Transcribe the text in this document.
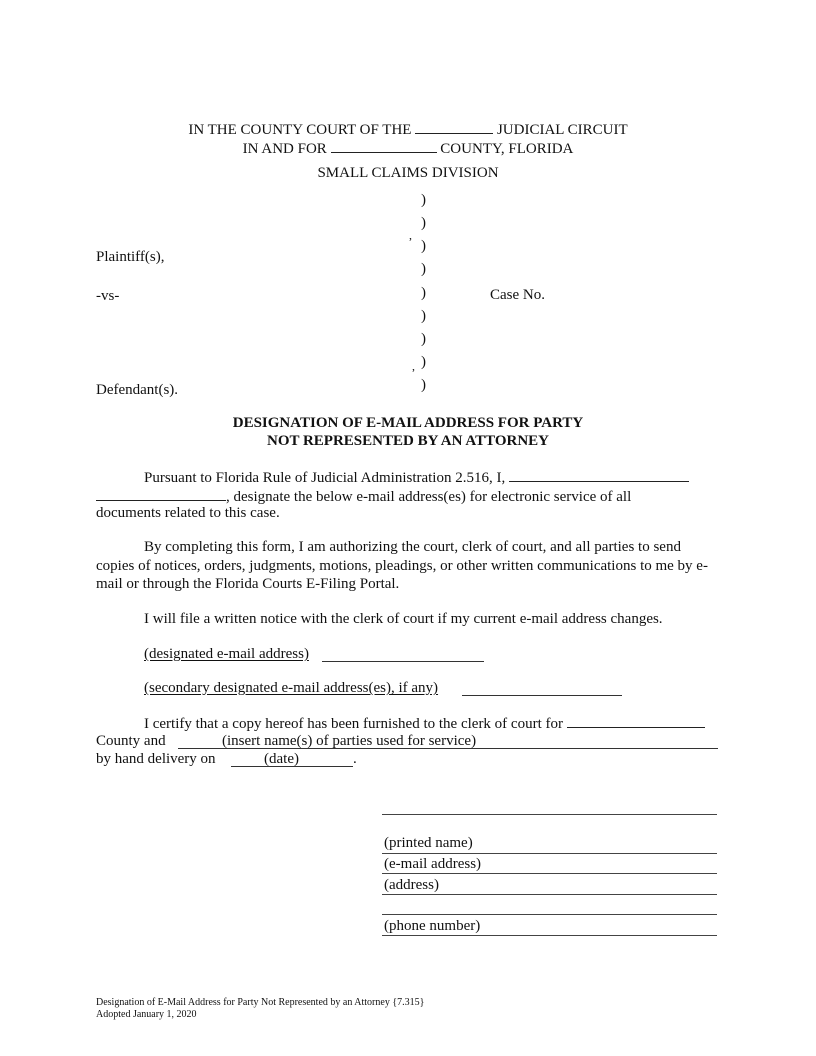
IN THE COUNTY COURT OF THE	JUDICIAL CIRCUIT
IN AND FOR	COUNTY, FLORIDA
SMALL CLAIMS DIVISION
)
)
)
)
)
)
)
)
)
,
,
Plaintiff(s),
-vs-	Case No.
Defendant(s).
DESIGNATION OF E-MAIL ADDRESS FOR PARTY
NOT REPRESENTED BY AN ATTORNEY
Pursuant to Florida Rule of Judicial Administration 2.516, I,
, designate the below e-mail address(es) for electronic service of all
documents related to this case.
By completing this form, I am authorizing the court, clerk of court, and all parties to send copies of notices, orders, judgments, motions, pleadings, or other written communications to me by e-mail or through the Florida Courts E-Filing Portal.
I will file a written notice with the clerk of court if my current e-mail address changes.
(designated e-mail address)
(secondary designated e-mail address(es), if any)
I certify that a copy hereof has been furnished to the clerk of court for
County and	(insert name(s) of parties used for service)
by hand delivery on	(date)	.
(printed name)
(e-mail address)
(address)
(phone number)
Designation of E-Mail Address for Party Not Represented by an Attorney {7.315}
Adopted January 1, 2020
